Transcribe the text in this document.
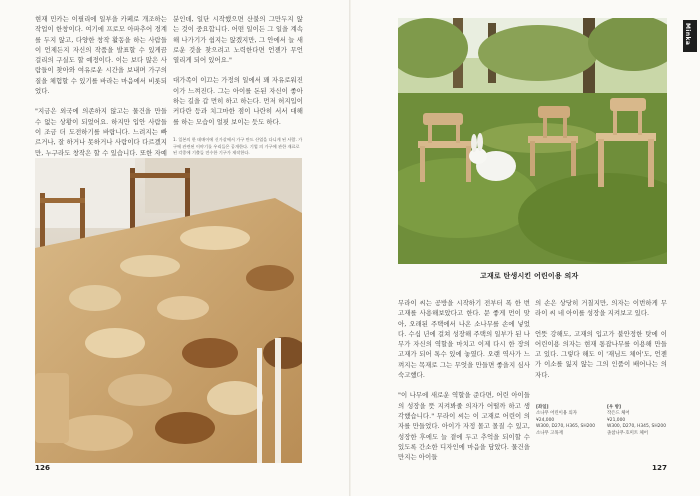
현재 민카는 이필리에 일부을 카페로 개조하는 작업이 한창이다. 여기에 프로모 아파추어 경계를 두지 않고, 다양한 창작 활동을 하는 사람들이 언제든지 자신의 작품을 발표할 수 있게끔 걸리의 구실도 할 예정이다. 이는 보다 많은 사람들이 찾아와 여유로운 시간을 보내며 가구의 질을 체험할 수 있기를 바라는 마음에서 비롯되었다.

"지금은 외국에 의존하지 않고는 물건을 만들 수 없는 상황이 되었어요. 하지만 입안 사람들이 조금 더 도전하기를 바랍니다. 느려지는 빠르거나, 잘 하거나 못하거나 사람이다 다르겠지만, 누구라도 창작은 할 수 있습니다. 또한 자예

분인데, 일단 시작했으면 산불의 그만두지 않는 것이 중요합니다. 어떤 일이든 그 일을 계속해 나가기가 쉽지는 않겠지만, 그 안에서 늘 새로운 것을 찾으려고 노력한다면 언젠가 무언 열리게 되어 있어요."

대가족이 이끄는 가정의 일에서 꽤 자유로워진 이가 느껴진다. 그는 아이를 돈된 자신이 좋아하는 길을 갑 먼히 하고 하는다. 먼저 허지입이 커다란 등과 치그마한 점이 나란히 서서 대해를 하는 모습이 얼핏 보이는 듯도 하다.

1. 일본의 한 데매이에 신가살에서 가구 만드 산업을 다니게 된 사람. 가구에 관련된 이야기를 우리들은 공개한다. 기업 의 가구에 관한 재료로 된 각종에 기출들 전수한 기구가 제작한다.
126
Minka
고재로 탄생시킨 어린이용 의자

무라이 씨는 공방을 시작하기 전부터 폭 한 번 고재를 사용해보았다고 한다. 문 좋게 먼이 맞아, 오래된 주택에서 나온 소나무를 손에 넣었다. 수십 년에 걸쳐 성장해 주택의 일부가 된 나무가 자신의 역할을 마치고 이제 다시 한 장의 고재가 되어 톡수 있에 놓였다. 오랜 역사가 느껴지는 목재로 그는 무엇을 만들면 좋을지 심사숙고했다.

"이 나무에 새로운 역할을 준다면, 어린 아이들의 성장을 뜻 지켜봐줄 의자가 어떨까 하고 생각했습니다." 무라이 씨는 이 고재로 어린이 의자를 만들었다. 아이가 자정 몰고 몰질 수 있고, 성장한 후에도 늘 곁에 두고 추억을 되이할 수 있도록 간소한 디자인에 마음을 담았다. 물건을 만지는 아이들

의 손은 상당히 거칠지만, 의자는 이번하게 무라이 씨 네 아이를 성장을 지켜보고 있다.

언뜻 강해도, 고재의 입고가 불안정한 탓에 이 어린이용 의자는 현재 통잡나무를 이용해 만들고 있다. 그렇다 해도 이 '재님드 체어'도, 언젠가 이소를 잃지 않는 그의 인품이 배어나는 의자다.

[좌일]
소나무 어린이용 의자
¥24,000
W300, D270, H365, SH200
소나무 고목재
[우 방]
작은드 체어
¥21,000
W300, D270, H345, SH200
졸참나무·호미트 체어
127
